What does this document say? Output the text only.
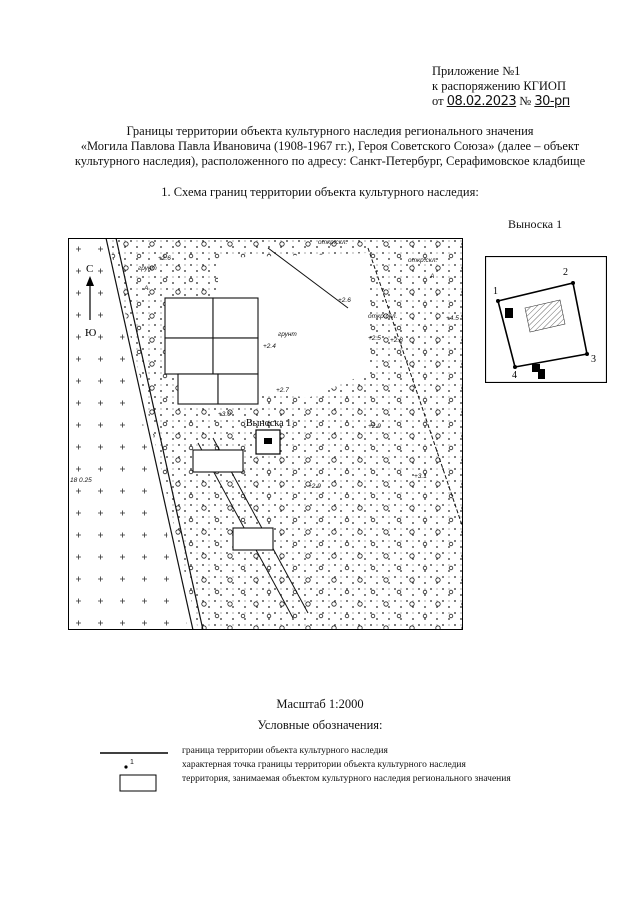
Приложение №1
к распоряжению КГИОП
от 08.02.2023 № 30-рп
Границы территории объекта культурного наследия регионального значения
«Могила Павлова Павла Ивановича (1908-1967 гг.), Героя Советского Союза» (далее – объект
культурного наследия), расположенного по адресу: Санкт-Петербург, Серафимовское кладбище
1. Схема границ территории объекта культурного наследия:
Выноска 1
Выноска 1
С
Ю
грунт
грунт
откр.скл.
откр.скл.
откр.скл.
А
А
+2.6
+2.7
+2.4
+4.5
+2.6
+2.5 +2.8
+2.9
+3.1
+2.9
+3.0
18 0.25
1
2
3
4
Масштаб 1:2000
Условные обозначения:
граница территории объекта культурного наследия
1	характерная точка границы территории объекта культурного наследия
территория, занимаемая объектом культурного наследия регионального значения
